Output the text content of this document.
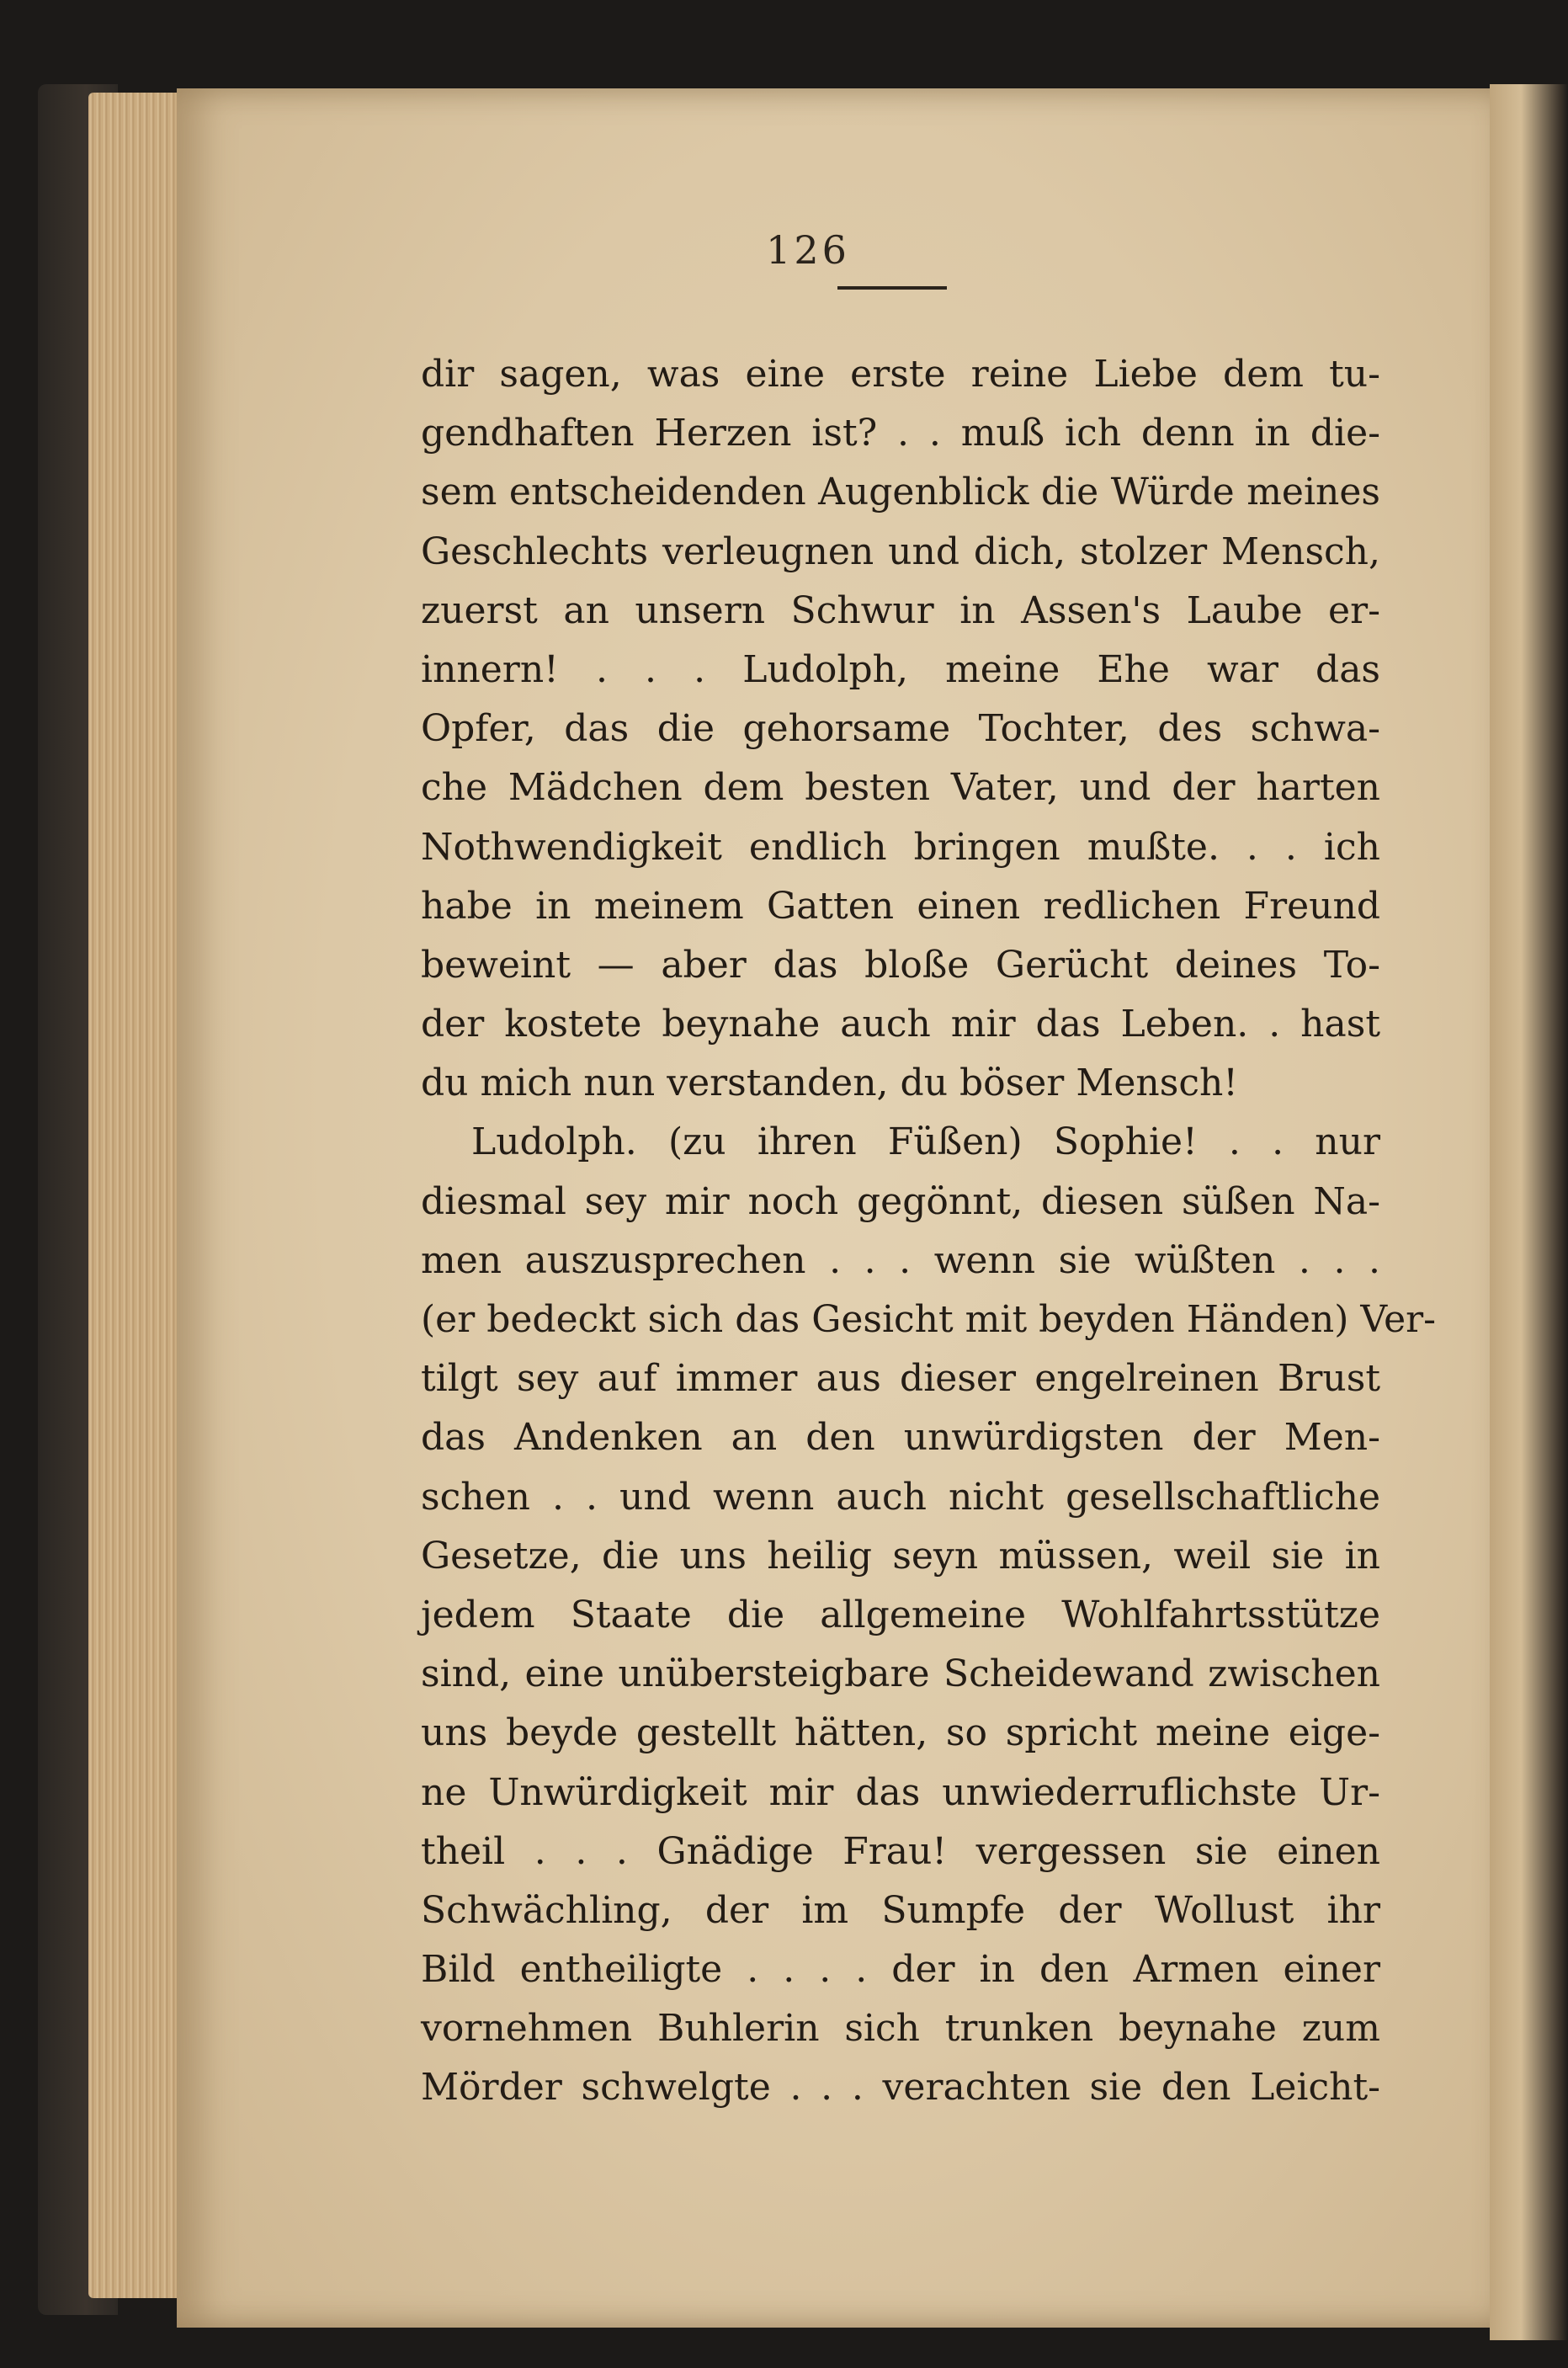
126
dir sagen, was eine erste reine Liebe dem tu-
gendhaften Herzen ist? . . muß ich denn in die-
sem entscheidenden Augenblick die Würde meines
Geschlechts verleugnen und dich, stolzer Mensch,
zuerst an unsern Schwur in Assen's Laube er-
innern! . . . Ludolph, meine Ehe war das
Opfer, das die gehorsame Tochter, des schwa-
che Mädchen dem besten Vater, und der harten
Nothwendigkeit endlich bringen mußte. . . ich
habe in meinem Gatten einen redlichen Freund
beweint — aber das bloße Gerücht deines To-
der kostete beynahe auch mir das Leben. . hast
du mich nun verstanden, du böser Mensch!
Ludolph. (zu ihren Füßen) Sophie! . . nur
diesmal sey mir noch gegönnt, diesen süßen Na-
men auszusprechen . . . wenn sie wüßten . . .
(er bedeckt sich das Gesicht mit beyden Händen) Ver-
tilgt sey auf immer aus dieser engelreinen Brust
das Andenken an den unwürdigsten der Men-
schen . . und wenn auch nicht gesellschaftliche
Gesetze, die uns heilig seyn müssen, weil sie in
jedem Staate die allgemeine Wohlfahrtsstütze
sind, eine unübersteigbare Scheidewand zwischen
uns beyde gestellt hätten, so spricht meine eige-
ne Unwürdigkeit mir das unwiederruflichste Ur-
theil . . . Gnädige Frau! vergessen sie einen
Schwächling, der im Sumpfe der Wollust ihr
Bild entheiligte . . . . der in den Armen einer
vornehmen Buhlerin sich trunken beynahe zum
Mörder schwelgte . . . verachten sie den Leicht-
